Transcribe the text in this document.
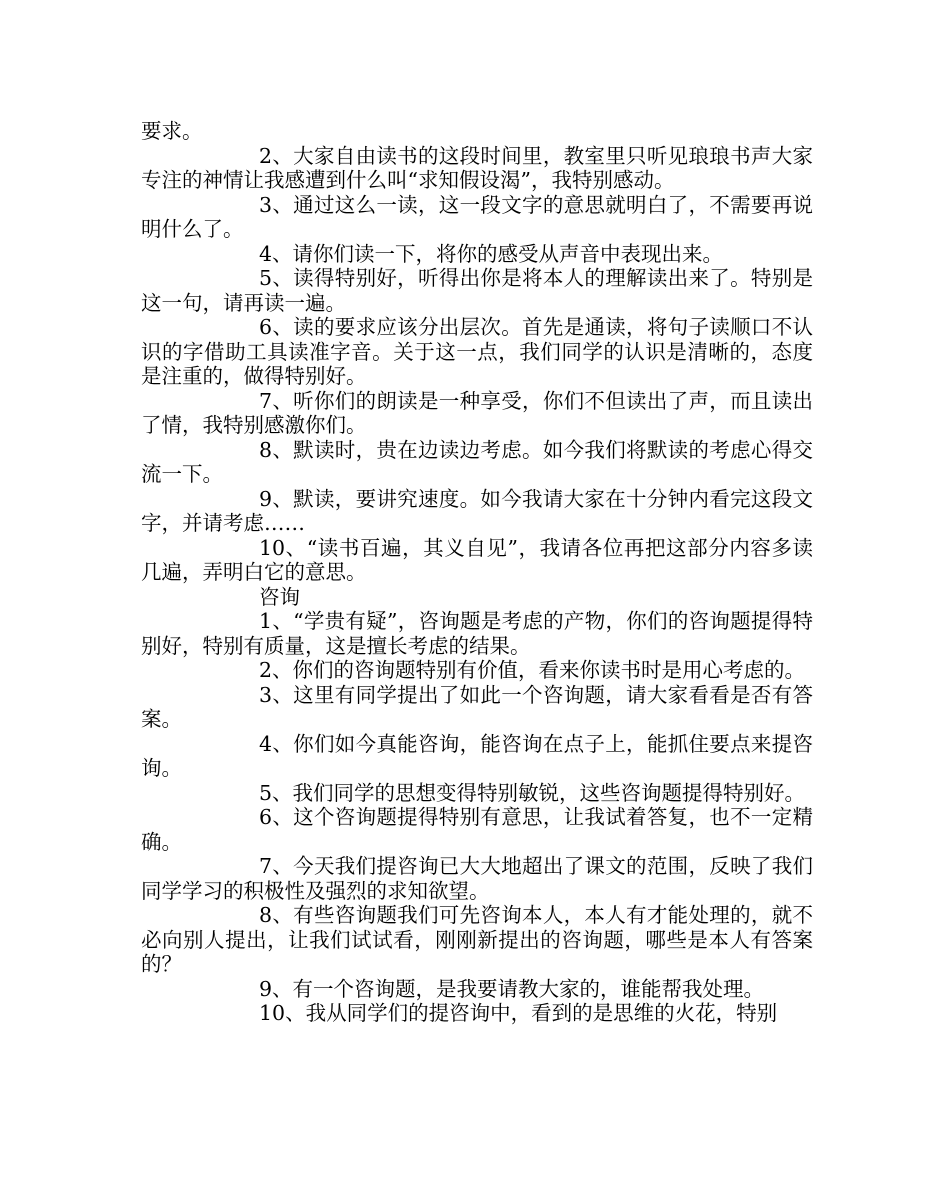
要求。

2、大家自由读书的这段时间里，教室里只听见琅琅书声大家专注的神情让我感遭到什么叫“求知假设渴”，我特别感动。

3、通过这么一读，这一段文字的意思就明白了，不需要再说明什么了。

4、请你们读一下，将你的感受从声音中表现出来。

5、读得特别好，听得出你是将本人的理解读出来了。特别是这一句，请再读一遍。

6、读的要求应该分出层次。首先是通读，将句子读顺口不认识的字借助工具读准字音。关于这一点，我们同学的认识是清晰的，态度是注重的，做得特别好。

7、听你们的朗读是一种享受，你们不但读出了声，而且读出了情，我特别感激你们。

8、默读时，贵在边读边考虑。如今我们将默读的考虑心得交流一下。

9、默读，要讲究速度。如今我请大家在十分钟内看完这段文字，并请考虑……

10、“读书百遍，其义自见”，我请各位再把这部分内容多读几遍，弄明白它的意思。

咨询

1、“学贵有疑”，咨询题是考虑的产物，你们的咨询题提得特别好，特别有质量，这是擅长考虑的结果。

2、你们的咨询题特别有价值，看来你读书时是用心考虑的。

3、这里有同学提出了如此一个咨询题，请大家看看是否有答案。

4、你们如今真能咨询，能咨询在点子上，能抓住要点来提咨询。

5、我们同学的思想变得特别敏锐，这些咨询题提得特别好。

6、这个咨询题提得特别有意思，让我试着答复，也不一定精确。

7、今天我们提咨询已大大地超出了课文的范围，反映了我们同学学习的积极性及强烈的求知欲望。

8、有些咨询题我们可先咨询本人，本人有才能处理的，就不必向别人提出，让我们试试看，刚刚新提出的咨询题，哪些是本人有答案的？

9、有一个咨询题，是我要请教大家的，谁能帮我处理。

10、我从同学们的提咨询中，看到的是思维的火花，特别
